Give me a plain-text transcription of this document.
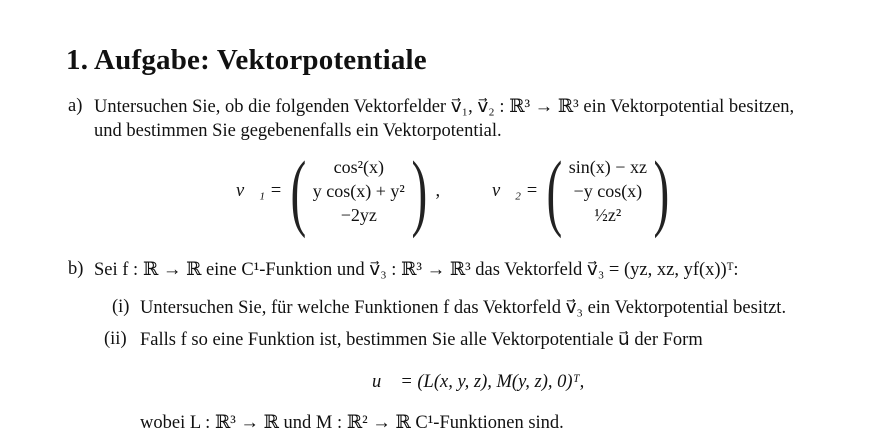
1. Aufgabe: Vektorpotentiale
a) Untersuchen Sie, ob die folgenden Vektorfelder v⃗₁, v⃗₂ : ℝ³ → ℝ³ ein Vektorpotential besitzen,
und bestimmen Sie gegebenenfalls ein Vektorpotential.
v⃗₁ = ( cos²(x)
y cos(x) + y²
−2yz ) ,	v⃗₂ = ( sin(x) − xz
−y cos(x)
½z² )
b) Sei f : ℝ → ℝ eine C¹-Funktion und v⃗₃ : ℝ³ → ℝ³ das Vektorfeld v⃗₃ = (yz, xz, yf(x))ᵀ:
(i) Untersuchen Sie, für welche Funktionen f das Vektorfeld v⃗₃ ein Vektorpotential besitzt.
(ii) Falls f so eine Funktion ist, bestimmen Sie alle Vektorpotentiale u⃗ der Form
u⃗ = (L(x, y, z), M(y, z), 0)ᵀ,
wobei L : ℝ³ → ℝ und M : ℝ² → ℝ C¹-Funktionen sind.
